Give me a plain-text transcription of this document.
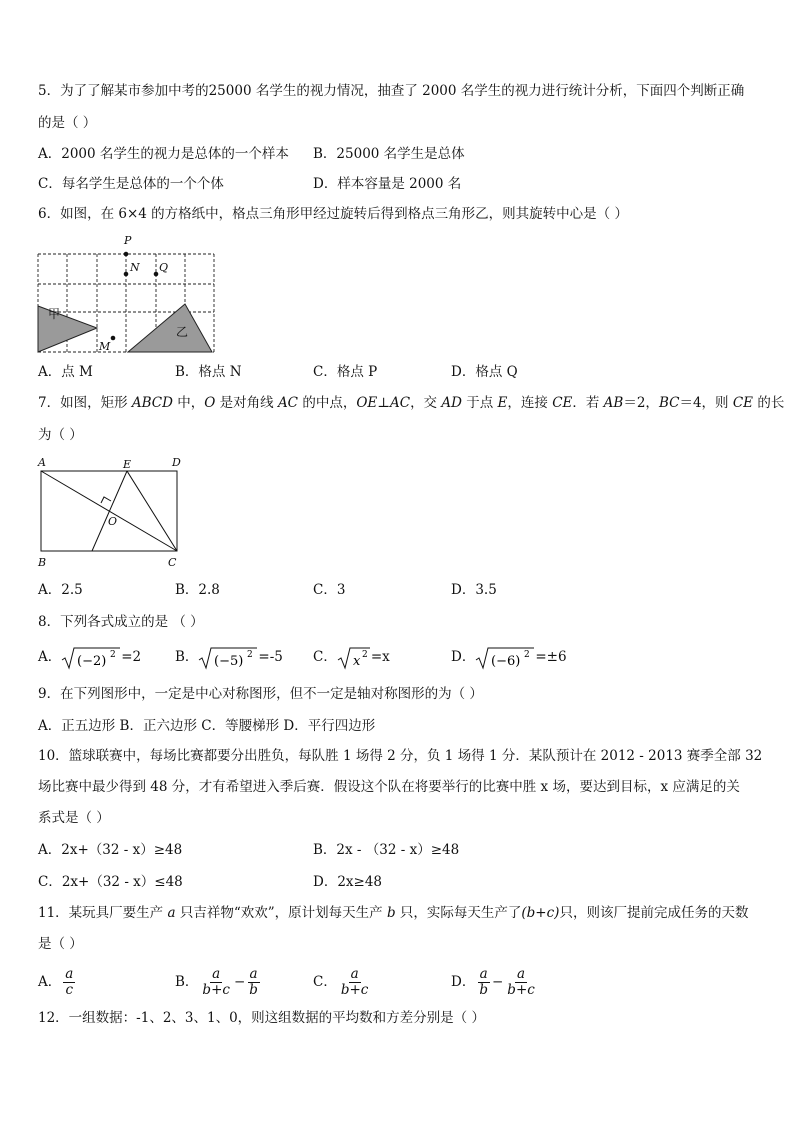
5．为了了解某市参加中考的25000 名学生的视力情况，抽查了 2000 名学生的视力进行统计分析，下面四个判断正确
的是（ ）
A．2000 名学生的视力是总体的一个样本 B．25000 名学生是总体
C．每名学生是总体的一个个体	D．样本容量是 2000 名
6．如图，在 6×4 的方格纸中，格点三角形甲经过旋转后得到格点三角形乙，则其旋转中心是（ ）
甲
乙
P
N Q
M
A．点 M	B．格点 N	C．格点 P	D．格点 Q
7．如图，矩形 ABCD 中，O 是对角线 AC 的中点，OE⊥AC，交 AD 于点 E，连接 CE．若 AB＝2，BC＝4，则 CE 的长
为（ ）
A	E	D
O
B	C
A．2.5	B．2.8	C．3	D．3.5
8．下列各式成立的是 （ ）
A． (−2) 2 =2	B． (−5) 2 =-5 C． x 2 =x	D． (−6) 2 =±6
9．在下列图形中，一定是中心对称图形，但不一定是轴对称图形的为（ ）
A．正五边形 B．正六边形 C．等腰梯形 D．平行四边形
10．篮球联赛中，每场比赛都要分出胜负，每队胜 1 场得 2 分，负 1 场得 1 分．某队预计在 2012 - 2013 赛季全部 32
场比赛中最少得到 48 分，才有希望进入季后赛．假设这个队在将要举行的比赛中胜 x 场，要达到目标，x 应满足的关
系式是（ ）
A．2x+（32 - x）≥48	B．2x - （32 - x）≥48
C．2x+（32 - x）≤48	D．2x≥48
11．某玩具厂要生产 a 只吉祥物“欢欢”，原计划每天生产 b 只，实际每天生产了(b+c)只，则该厂提前完成任务的天数
是（ ）
A． $\frac{a}{c}$	B． $\frac{a}{b+c} - \frac{a}{b}$	C． $\frac{a}{b+c}$	D． $\frac{a}{b} - \frac{a}{b+c}$
12．一组数据：-1、2、3、1、0，则这组数据的平均数和方差分别是（ ）
